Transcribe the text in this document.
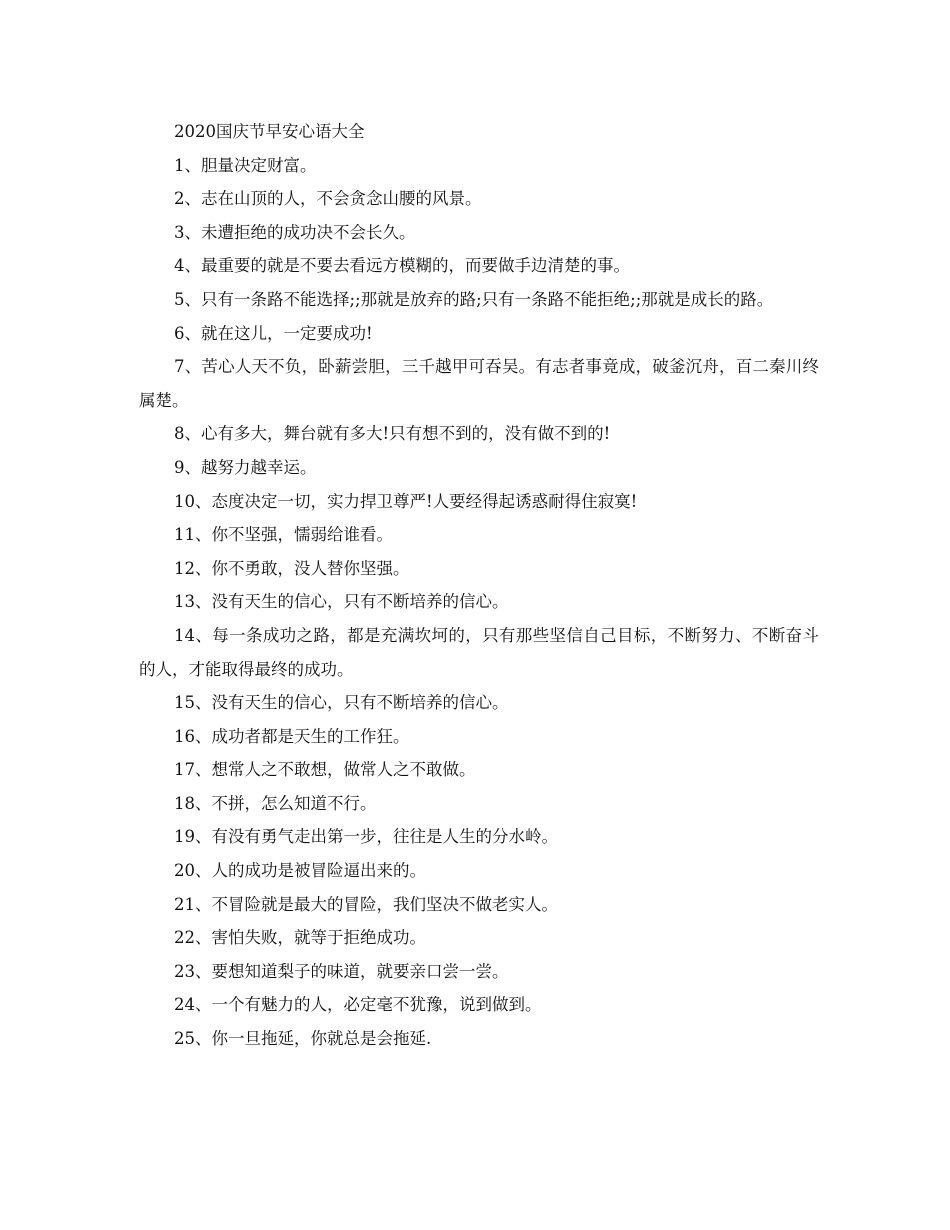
2020国庆节早安心语大全

1、胆量决定财富。

2、志在山顶的人，不会贪念山腰的风景。

3、未遭拒绝的成功决不会长久。

4、最重要的就是不要去看远方模糊的，而要做手边清楚的事。

5、只有一条路不能选择;;那就是放弃的路;只有一条路不能拒绝;;那就是成长的路。

6、就在这儿，一定要成功!

7、苦心人天不负，卧薪尝胆，三千越甲可吞吴。有志者事竟成，破釜沉舟，百二秦川终属楚。

8、心有多大，舞台就有多大!只有想不到的，没有做不到的!

9、越努力越幸运。

10、态度决定一切，实力捍卫尊严!人要经得起诱惑耐得住寂寞!

11、你不坚强，懦弱给谁看。

12、你不勇敢，没人替你坚强。

13、没有天生的信心，只有不断培养的信心。

14、每一条成功之路，都是充满坎坷的，只有那些坚信自己目标，不断努力、不断奋斗的人，才能取得最终的成功。

15、没有天生的信心，只有不断培养的信心。

16、成功者都是天生的工作狂。

17、想常人之不敢想，做常人之不敢做。

18、不拼，怎么知道不行。

19、有没有勇气走出第一步，往往是人生的分水岭。

20、人的成功是被冒险逼出来的。

21、不冒险就是最大的冒险，我们坚决不做老实人。

22、害怕失败，就等于拒绝成功。

23、要想知道梨子的味道，就要亲口尝一尝。

24、一个有魅力的人，必定毫不犹豫，说到做到。

25、你一旦拖延，你就总是会拖延.
